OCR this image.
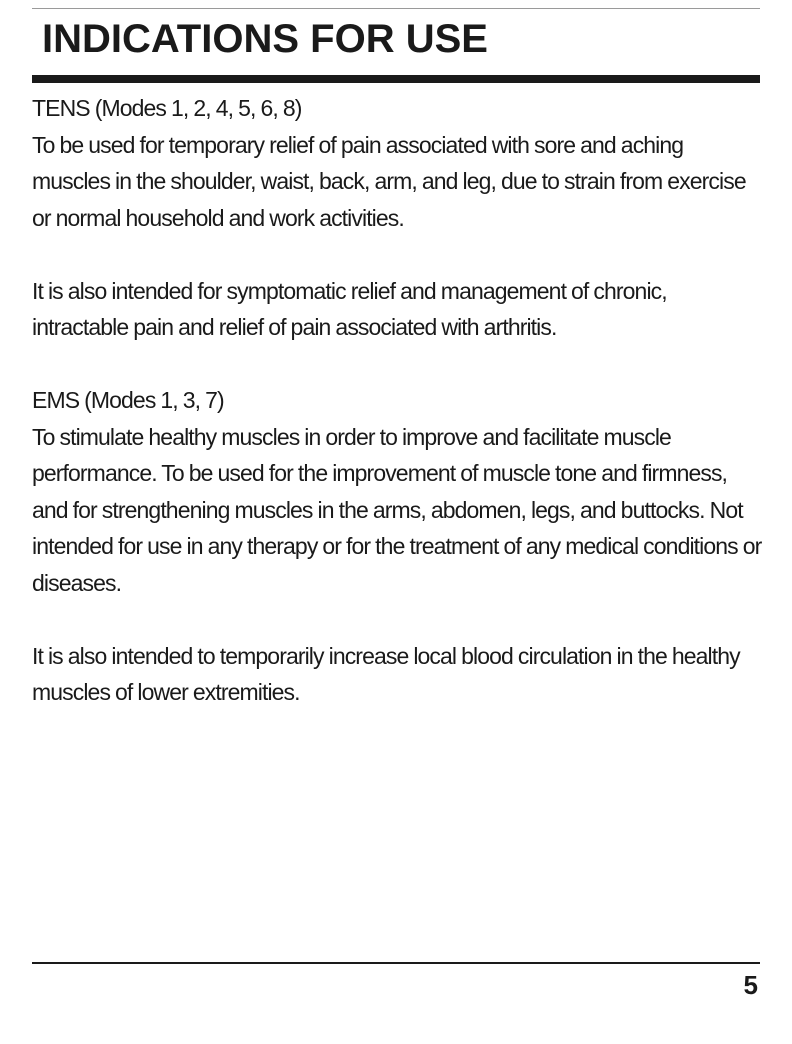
INDICATIONS FOR USE

TENS (Modes 1, 2, 4, 5, 6, 8)

To be used for temporary relief of pain associated with sore and aching muscles in the shoulder, waist, back, arm, and leg, due to strain from exercise or normal household and work activities.

It is also intended for symptomatic relief and management of chronic, intractable pain and relief of pain associated with arthritis.

EMS (Modes 1, 3, 7)

To stimulate healthy muscles in order to improve and facilitate muscle performance. To be used for the improvement of muscle tone and firmness, and for strengthening muscles in the arms, abdomen, legs, and buttocks. Not intended for use in any therapy or for the treatment of any medical conditions or diseases.

It is also intended to temporarily increase local blood circulation in the healthy muscles of lower extremities.

5
